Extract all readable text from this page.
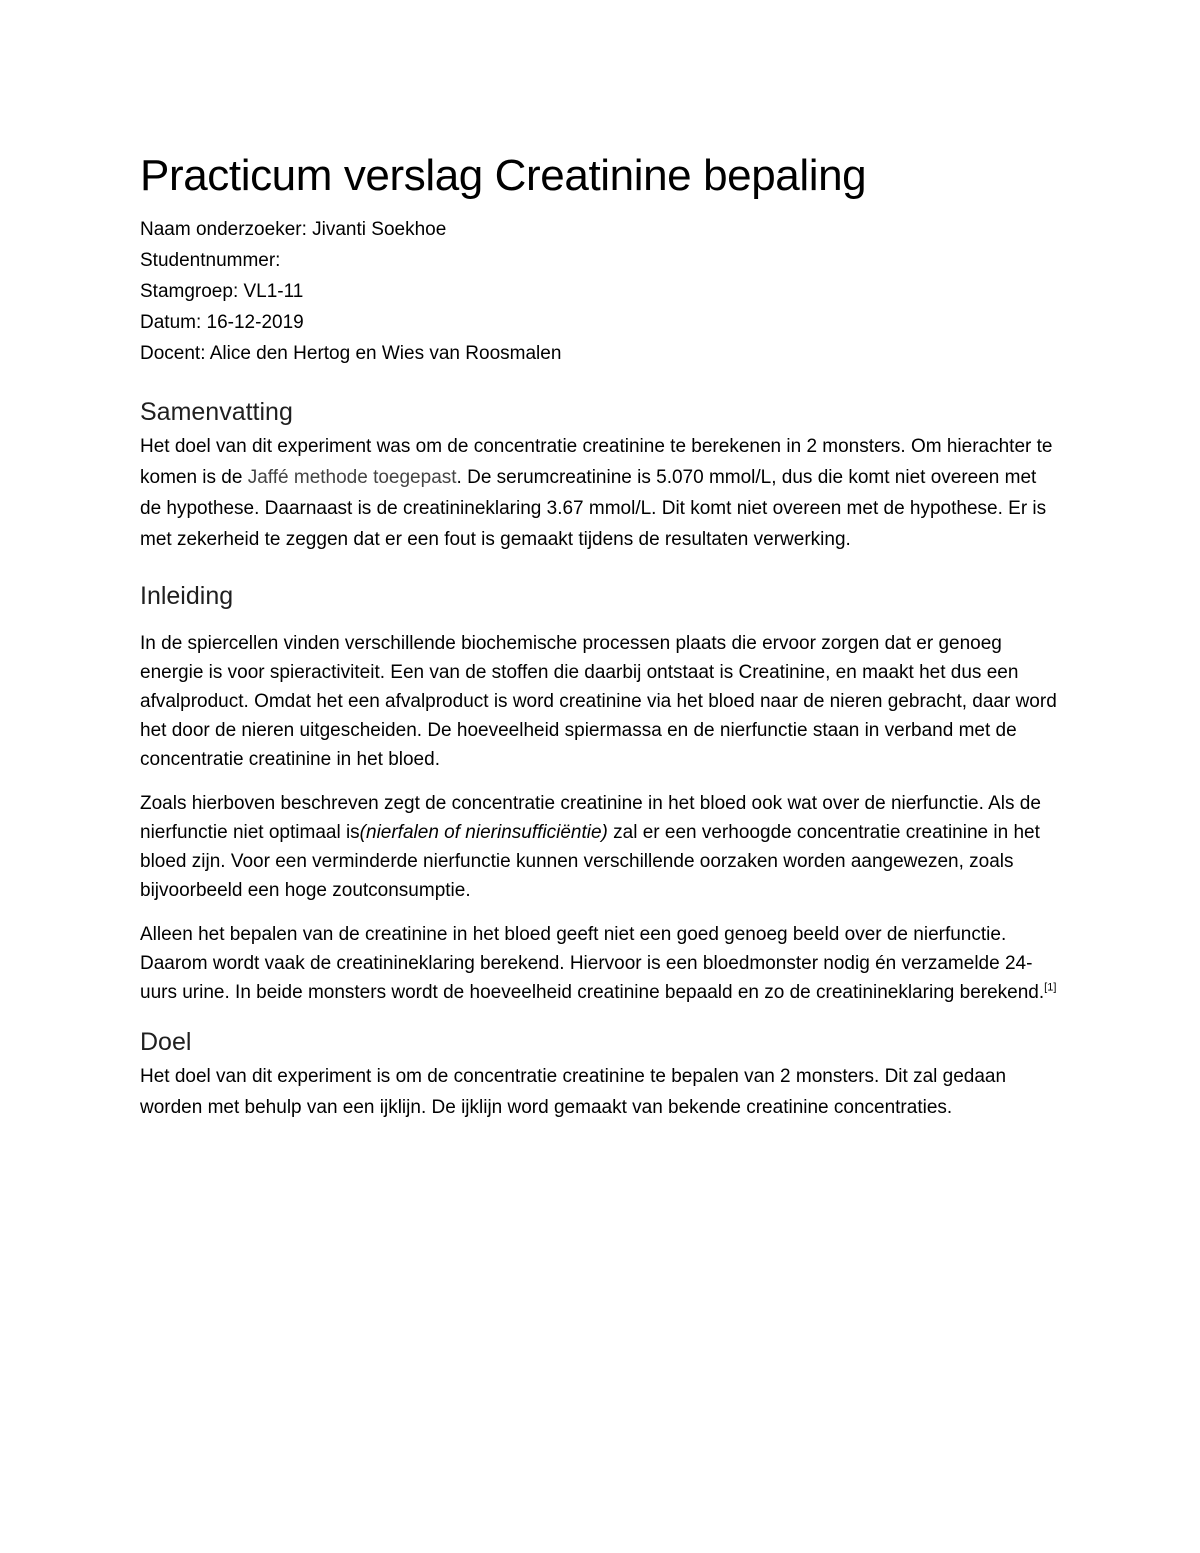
Practicum verslag Creatinine bepaling

Naam onderzoeker: Jivanti Soekhoe

Studentnummer:

Stamgroep: VL1-11

Datum: 16-12-2019

Docent: Alice den Hertog en Wies van Roosmalen

Samenvatting

Het doel van dit experiment was om de concentratie creatinine te berekenen in 2 monsters. Om hierachter te komen is de Jaffé methode toegepast. De serumcreatinine is 5.070 mmol/L, dus die komt niet overeen met de hypothese. Daarnaast is de creatinineklaring 3.67 mmol/L. Dit komt niet overeen met de hypothese. Er is met zekerheid te zeggen dat er een fout is gemaakt tijdens de resultaten verwerking.

Inleiding

In de spiercellen vinden verschillende biochemische processen plaats die ervoor zorgen dat er genoeg energie is voor spieractiviteit. Een van de stoffen die daarbij ontstaat is Creatinine, en maakt het dus een afvalproduct. Omdat het een afvalproduct is word creatinine via het bloed naar de nieren gebracht, daar word het door de nieren uitgescheiden. De hoeveelheid spiermassa en de nierfunctie staan in verband met de concentratie creatinine in het bloed.

Zoals hierboven beschreven zegt de concentratie creatinine in het bloed ook wat over de nierfunctie. Als de nierfunctie niet optimaal is(nierfalen of nierinsufficiëntie) zal er een verhoogde concentratie creatinine in het bloed zijn. Voor een verminderde nierfunctie kunnen verschillende oorzaken worden aangewezen, zoals bijvoorbeeld een hoge zoutconsumptie.

Alleen het bepalen van de creatinine in het bloed geeft niet een goed genoeg beeld over de nierfunctie. Daarom wordt vaak de creatinineklaring berekend. Hiervoor is een bloedmonster nodig én verzamelde 24-uurs urine. In beide monsters wordt de hoeveelheid creatinine bepaald en zo de creatinineklaring berekend.[1]

Doel

Het doel van dit experiment is om de concentratie creatinine te bepalen van 2 monsters. Dit zal gedaan worden met behulp van een ijklijn. De ijklijn word gemaakt van bekende creatinine concentraties.
